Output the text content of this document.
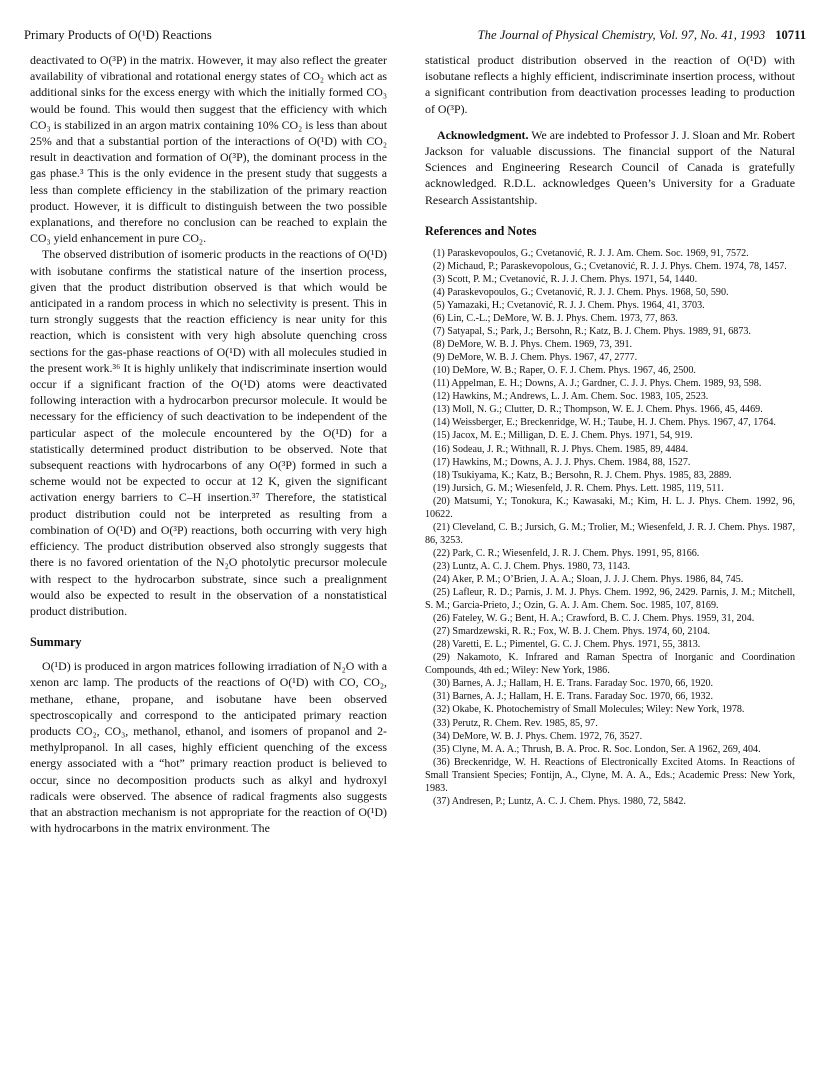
Primary Products of O(¹D) Reactions	The Journal of Physical Chemistry, Vol. 97, No. 41, 1993 10711

deactivated to O(³P) in the matrix. However, it may also reflect the greater availability of vibrational and rotational energy states of CO₂ which act as additional sinks for the excess energy with which the initially formed CO₃ would be found. This would then suggest that the efficiency with which CO₃ is stabilized in an argon matrix containing 10% CO₂ is less than about 25% and that a substantial portion of the interactions of O(¹D) with CO₂ result in deactivation and formation of O(³P), the dominant process in the gas phase.³ This is the only evidence in the present study that suggests a less than complete efficiency in the stabilization of the primary reaction product. However, it is difficult to distinguish between the two possible explanations, and therefore no conclusion can be reached to explain the CO₃ yield enhancement in pure CO₂.

The observed distribution of isomeric products in the reactions of O(¹D) with isobutane confirms the statistical nature of the insertion process, given that the product distribution observed is that which would be anticipated in a random process in which no selectivity is present. This in turn strongly suggests that the reaction efficiency is near unity for this reaction, which is consistent with very high absolute quenching cross sections for the gas-phase reactions of O(¹D) with all molecules studied in the present work.³⁶ It is highly unlikely that indiscriminate insertion would occur if a significant fraction of the O(¹D) atoms were deactivated following interaction with a hydrocarbon precursor molecule. It would be necessary for the efficiency of such deactivation to be independent of the particular aspect of the molecule encountered by the O(¹D) for a statistically determined product distribution to be observed. Note that subsequent reactions with hydrocarbons of any O(³P) formed in such a scheme would not be expected to occur at 12 K, given the significant activation energy barriers to C–H insertion.³⁷ Therefore, the statistical product distribution could not be interpreted as resulting from a combination of O(¹D) and O(³P) reactions, both occurring with very high efficiency. The product distribution observed also strongly suggests that there is no favored orientation of the N₂O photolytic precursor molecule with respect to the hydrocarbon substrate, since such a prealignment would also be expected to result in the observation of a nonstatistical product distribution.

Summary

O(¹D) is produced in argon matrices following irradiation of N₂O with a xenon arc lamp. The products of the reactions of O(¹D) with CO, CO₂, methane, ethane, propane, and isobutane have been observed spectroscopically and correspond to the anticipated primary reaction products CO₂, CO₃, methanol, ethanol, and isomers of propanol and 2-methylpropanol. In all cases, highly efficient quenching of the excess energy associated with a “hot” primary reaction product is believed to occur, since no decomposition products such as alkyl and hydroxyl radicals were observed. The absence of radical fragments also suggests that an abstraction mechanism is not appropriate for the reaction of O(¹D) with hydrocarbons in the matrix environment. The

statistical product distribution observed in the reaction of O(¹D) with isobutane reflects a highly efficient, indiscriminate insertion process, without a significant contribution from deactivation processes leading to production of O(³P).

Acknowledgment. We are indebted to Professor J. J. Sloan and Mr. Robert Jackson for valuable discussions. The financial support of the Natural Sciences and Engineering Research Council of Canada is gratefully acknowledged. R.D.L. acknowledges Queen’s University for a Graduate Research Assistantship.

References and Notes
(1) Paraskevopoulos, G.; Cvetanović, R. J. J. Am. Chem. Soc. 1969, 91, 7572.
(2) Michaud, P.; Paraskevopolous, G.; Cvetanović, R. J. J. Phys. Chem. 1974, 78, 1457.
(3) Scott, P. M.; Cvetanović, R. J. J. Chem. Phys. 1971, 54, 1440.
(4) Paraskevopoulos, G.; Cvetanović, R. J. J. Chem. Phys. 1968, 50, 590.
(5) Yamazaki, H.; Cvetanović, R. J. J. Chem. Phys. 1964, 41, 3703.
(6) Lin, C.-L.; DeMore, W. B. J. Phys. Chem. 1973, 77, 863.
(7) Satyapal, S.; Park, J.; Bersohn, R.; Katz, B. J. Chem. Phys. 1989, 91, 6873.
(8) DeMore, W. B. J. Phys. Chem. 1969, 73, 391.
(9) DeMore, W. B. J. Chem. Phys. 1967, 47, 2777.
(10) DeMore, W. B.; Raper, O. F. J. Chem. Phys. 1967, 46, 2500.
(11) Appelman, E. H.; Downs, A. J.; Gardner, C. J. J. Phys. Chem. 1989, 93, 598.
(12) Hawkins, M.; Andrews, L. J. Am. Chem. Soc. 1983, 105, 2523.
(13) Moll, N. G.; Clutter, D. R.; Thompson, W. E. J. Chem. Phys. 1966, 45, 4469.
(14) Weissberger, E.; Breckenridge, W. H.; Taube, H. J. Chem. Phys. 1967, 47, 1764.
(15) Jacox, M. E.; Milligan, D. E. J. Chem. Phys. 1971, 54, 919.
(16) Sodeau, J. R.; Withnall, R. J. Phys. Chem. 1985, 89, 4484.
(17) Hawkins, M.; Downs, A. J. J. Phys. Chem. 1984, 88, 1527.
(18) Tsukiyama, K.; Katz, B.; Bersohn, R. J. Chem. Phys. 1985, 83, 2889.
(19) Jursich, G. M.; Wiesenfeld, J. R. Chem. Phys. Lett. 1985, 119, 511.
(20) Matsumi, Y.; Tonokura, K.; Kawasaki, M.; Kim, H. L. J. Phys. Chem. 1992, 96, 10622.
(21) Cleveland, C. B.; Jursich, G. M.; Trolier, M.; Wiesenfeld, J. R. J. Chem. Phys. 1987, 86, 3253.
(22) Park, C. R.; Wiesenfeld, J. R. J. Chem. Phys. 1991, 95, 8166.
(23) Luntz, A. C. J. Chem. Phys. 1980, 73, 1143.
(24) Aker, P. M.; O’Brien, J. A. A.; Sloan, J. J. J. Chem. Phys. 1986, 84, 745.
(25) Lafleur, R. D.; Parnis, J. M. J. Phys. Chem. 1992, 96, 2429. Parnis, J. M.; Mitchell, S. M.; Garcia-Prieto, J.; Ozin, G. A. J. Am. Chem. Soc. 1985, 107, 8169.
(26) Fateley, W. G.; Bent, H. A.; Crawford, B. C. J. Chem. Phys. 1959, 31, 204.
(27) Smardzewski, R. R.; Fox, W. B. J. Chem. Phys. 1974, 60, 2104.
(28) Varetti, E. L.; Pimentel, G. C. J. Chem. Phys. 1971, 55, 3813.
(29) Nakamoto, K. Infrared and Raman Spectra of Inorganic and Coordination Compounds, 4th ed.; Wiley: New York, 1986.
(30) Barnes, A. J.; Hallam, H. E. Trans. Faraday Soc. 1970, 66, 1920.
(31) Barnes, A. J.; Hallam, H. E. Trans. Faraday Soc. 1970, 66, 1932.
(32) Okabe, K. Photochemistry of Small Molecules; Wiley: New York, 1978.
(33) Perutz, R. Chem. Rev. 1985, 85, 97.
(34) DeMore, W. B. J. Phys. Chem. 1972, 76, 3527.
(35) Clyne, M. A. A.; Thrush, B. A. Proc. R. Soc. London, Ser. A 1962, 269, 404.
(36) Breckenridge, W. H. Reactions of Electronically Excited Atoms. In Reactions of Small Transient Species; Fontijn, A., Clyne, M. A. A., Eds.; Academic Press: New York, 1983.
(37) Andresen, P.; Luntz, A. C. J. Chem. Phys. 1980, 72, 5842.
